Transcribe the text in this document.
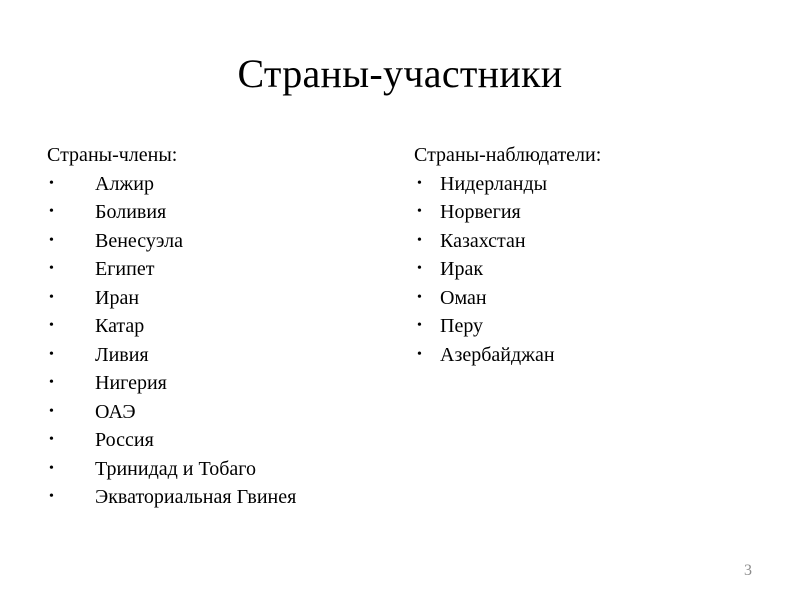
Страны-участники
Страны-члены:
• Алжир
• Боливия
• Венесуэла
• Египет
• Иран
• Катар
• Ливия
• Нигерия
• ОАЭ
• Россия
• Тринидад и Тобаго
• Экваториальная Гвинея
Страны-наблюдатели:
• Нидерланды
• Норвегия
• Казахстан
• Ирак
• Оман
• Перу
• Азербайджан
3
